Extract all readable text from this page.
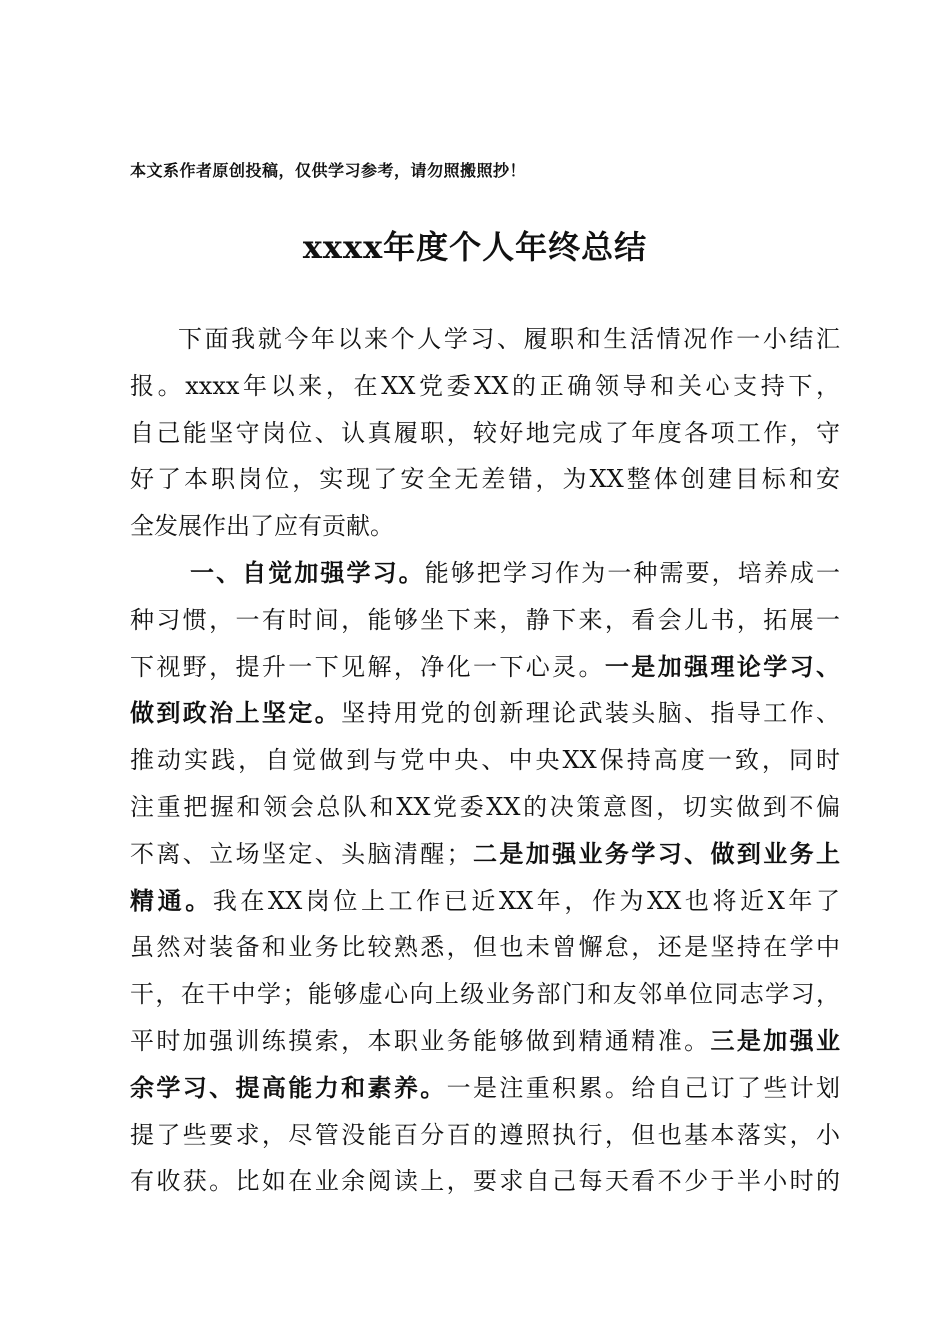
本文系作者原创投稿，仅供学习参考，请勿照搬照抄！
xxxx年度个人年终总结
下面我就今年以来个人学习、履职和生活情况作一小结汇
报。xxxx年以来，在XX党委XX的正确领导和关心支持下，
自己能坚守岗位、认真履职，较好地完成了年度各项工作，守
好了本职岗位，实现了安全无差错，为XX整体创建目标和安
全发展作出了应有贡献。
一、自觉加强学习。能够把学习作为一种需要，培养成一
种习惯，一有时间，能够坐下来，静下来，看会儿书，拓展一
下视野，提升一下见解，净化一下心灵。一是加强理论学习、
做到政治上坚定。坚持用党的创新理论武装头脑、指导工作、
推动实践，自觉做到与党中央、中央XX保持高度一致，同时
注重把握和领会总队和XX党委XX的决策意图，切实做到不偏
不离、立场坚定、头脑清醒；二是加强业务学习、做到业务上
精通。我在XX岗位上工作已近XX年，作为XX也将近X年了
虽然对装备和业务比较熟悉，但也未曾懈怠，还是坚持在学中
干，在干中学；能够虚心向上级业务部门和友邻单位同志学习，
平时加强训练摸索，本职业务能够做到精通精准。三是加强业
余学习、提高能力和素养。一是注重积累。给自己订了些计划
提了些要求，尽管没能百分百的遵照执行，但也基本落实，小
有收获。比如在业余阅读上，要求自己每天看不少于半小时的
